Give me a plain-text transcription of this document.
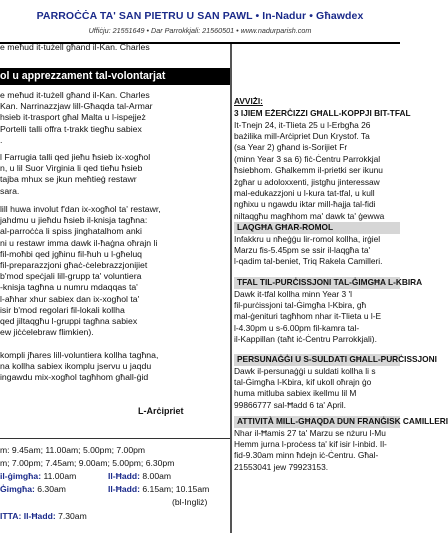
PARROĊĊA TA' SAN PIETRU U SAN PAWL • In-Nadur • Għawdex
Uffiċju: 21551649 • Dar Parrokkjali: 21560501 • www.nadurparish.com
e meħud it-tużell għand il-Kan. Charles
ol u apprezzament tal-volontarjat
e meħud it-tużell għand il-Kan. Charles
Kan. Narrinazzjaw lill-Għaqda tal-Armar
hsieb it-trasport għal Malta u l-ispejjeż
Portelli talli offra t-trakk tiegħu sabiex
.
l Farrugia talli qed jieħu ħsieb ix-xogħol
n, u lil Suor Virginia li qed tieħu ħsieb
tajba mhux se jkun meħtieġ restawr
sara.
lill huwa involut f'dan ix-xogħol ta' restawr,
jahdmu u jieħdu ħsieb il-knisja tagħna:
al-parroċċa li spiss jinghatalhom anki
ni u restawr imma dawk il-ħaġna oħrajn li
fil-moħbi qed jgħinu fil-ħuh u l-għeluq
fil-preparazzjoni għaċ-ċelebrazzjonijiet
b'mod speċjali lill-grupp ta' voluntiera
-knisja tagħna u numru mdaqqas ta'
l-aħhar xhur sabiex dan ix-xogħol ta'
isir b'mod regolari fil-lokali kollha
qed jiltaqgħu l-gruppi tagħna sabiex
ew jiċċelebraw flimkien).
kompli jħares lill-voluntiera kollha tagħna,
na kollha sabiex ikomplu jservu u jaqdu
ingawdu mix-xogħol tagħhom għall-ġid
L-Arċipriet
m: 9.45am; 11.00am; 5.00pm; 7.00pm
m; 7.00pm; 7.45am; 9.00am; 5.00pm; 6.30pm
il-ġimgħa: 11.00am	Il-Ħadd: 8.00am
Ġimgħa: 6.30am	Il-Ħadd: 6.15am; 10.15am
(bl-Ingliż)
ITTA: Il-Ħadd: 7.30am
AVVIŻI:
3 IJIEM EŻERĊIZZI GĦALL-KOPPJI BIT-TFAL
It-Tnejn 24, it-Tlieta 25 u l-Erbgħa 26
bażilika mill-Arċipriet Dun Krystof. Ta
(sa Year 2) għand is-Sorijiet Fr
(minn Year 3 sa 6) fiċ-Ċentru Parrokkjal
ħsiebhom. Għalkemm il-prietki ser ikunu
żgħar u adoloxxenti, jistgħu jinteressaw
mal-edukazzjoni u l-kura tat-tfal, u kull
ngħixu u ngawdu iktar mill-ħajja tal-fidi
niltaqgħu magħhom ma' dawk ta' ġewwa
LAQGĦA GĦAR-ROMOL
Infakkru u nħeġġu lir-romol kollha, irġiel
Marzu fis-5.45pm se ssir il-laqgħa ta'
l-qadim tal-beniet, Triq Rakela Camilleri.
TFAL TIL-PURĊISSJONI TAL-ĠIMGĦA L-KBIRA
Dawk it-tfal kollha minn Year 3 'l
fil-purċissjoni tal-Ġimgħa l-Kbira, għ
mal-ġenituri tagħhom nhar it-Tlieta u l-E
l-4.30pm u s-6.00pm fil-kamra tal-
il-Kappillan (taħt iċ-Ċentru Parrokkjali).
PERSUNAĠĠI U S-SULDATI GĦALL-PURĊISSJONI
Dawk il-persunaġġi u suldati kollha li s
tal-Ġimgħa l-Kbira, kif ukoll oħrajn ġo
huma mitluba sabiex ikellmu lil M
99866777 sal-Ħadd 6 ta' April.
ATTIVITÀ MILL-GĦAQDA DUN FRANĠISK CAMILLERI
Nhar il-Ħamis 27 ta' Marzu se nżuru l-Mu
Hemm jurna l-proċess ta' kif isir l-inbid. Il-
fid-9.30am minn ħdejn iċ-Ċentru. Għal-
21553041 jew 79923153.
